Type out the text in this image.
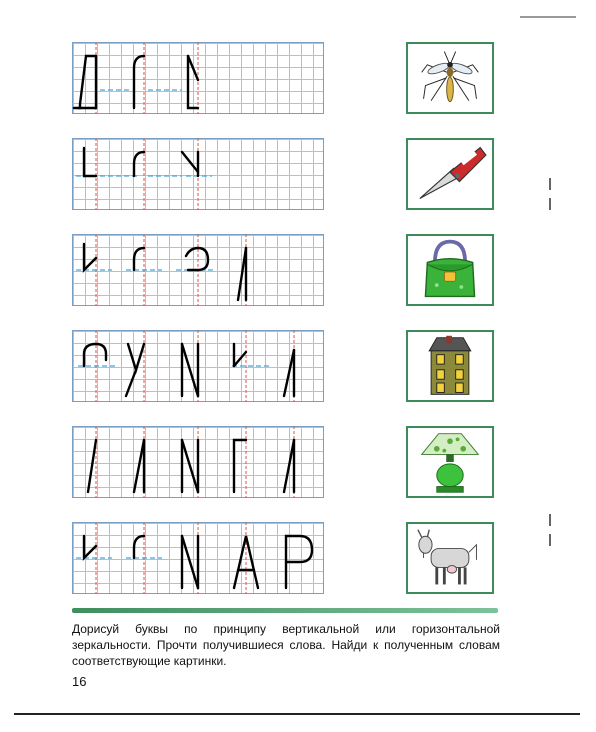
Дорисуй буквы по принципу вертикальной или горизонтальной зеркальности. Прочти получившиеся слова. Найди к полученным словам соответствующие картинки.
16
